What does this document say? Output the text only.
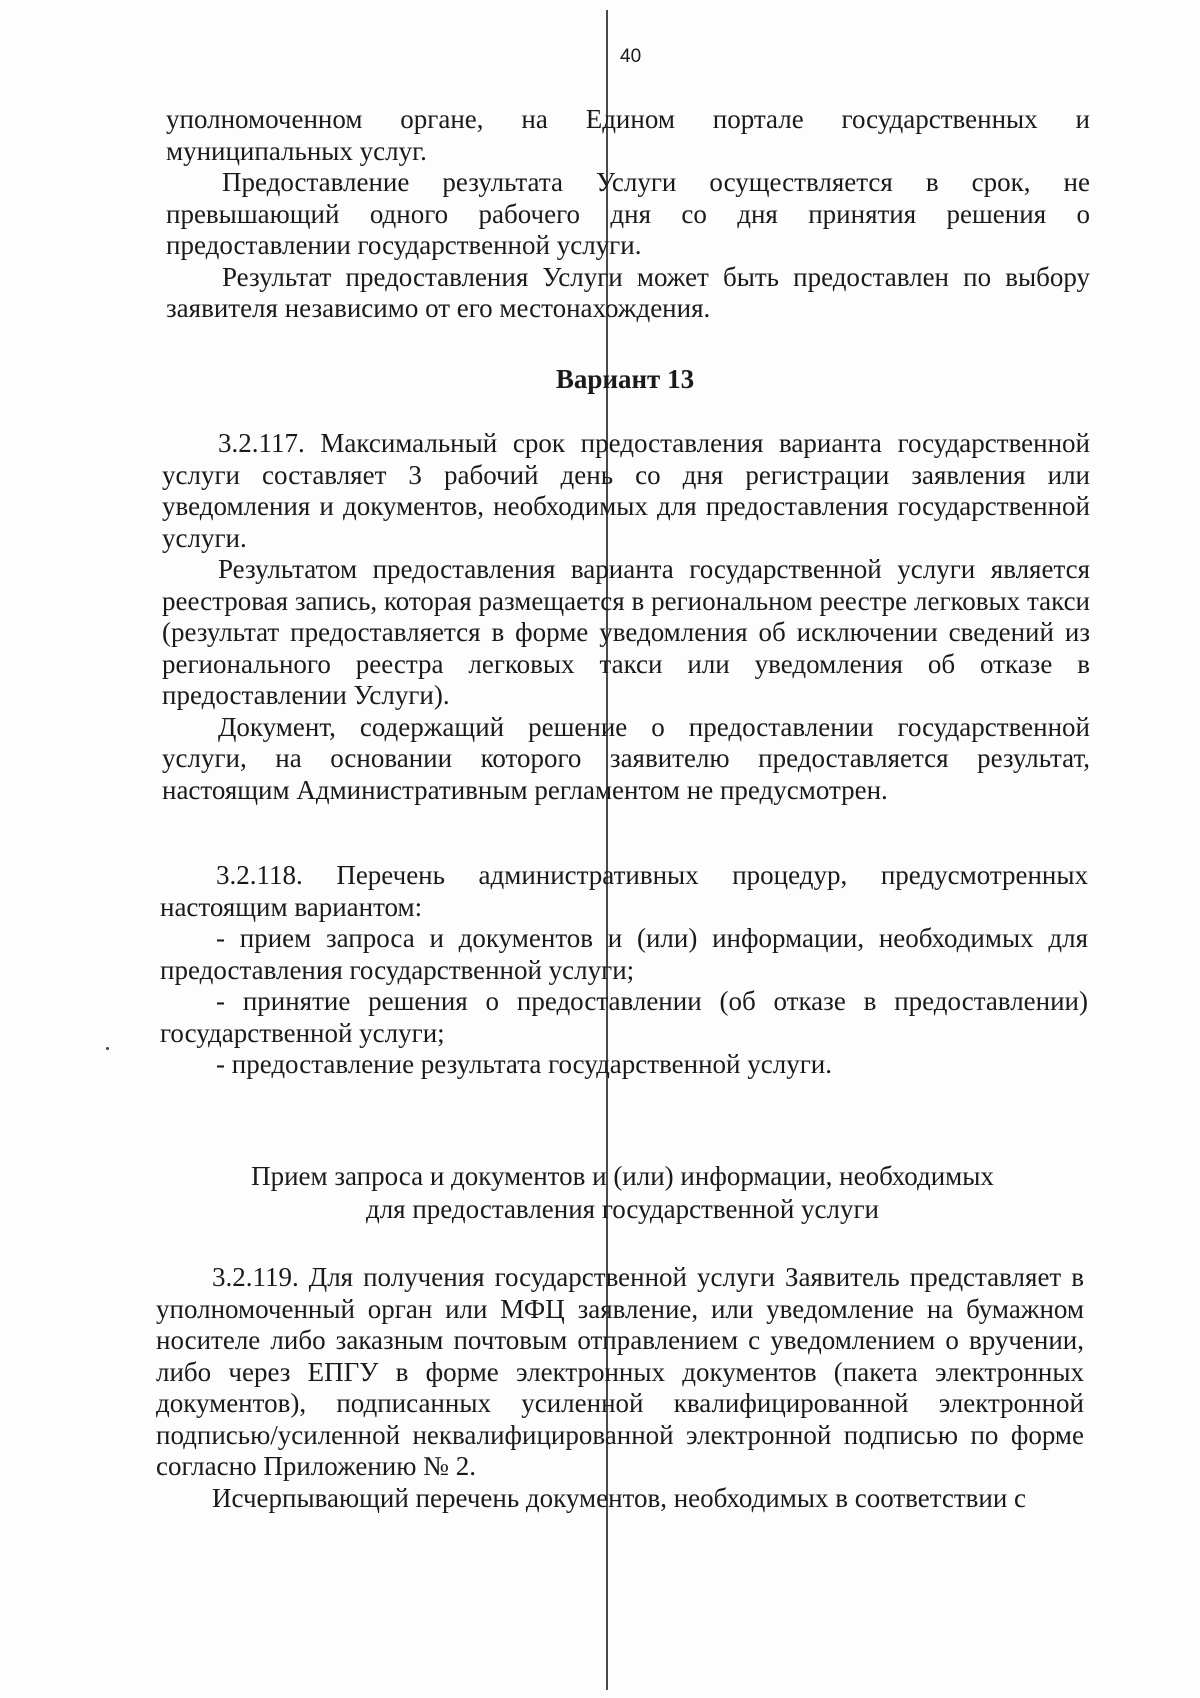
40

уполномоченном органе, на Едином портале государственных и муниципальных услуг.

Предоставление результата Услуги осуществляется в срок, не превышающий одного рабочего дня со дня принятия решения о предоставлении государственной услуги.

Результат предоставления Услуги может быть предоставлен по выбору заявителя независимо от его местонахождения.

Вариант 13

3.2.117. Максимальный срок предоставления варианта государственной услуги составляет 3 рабочий день со дня регистрации заявления или уведомления и документов, необходимых для предоставления государственной услуги.

Результатом предоставления варианта государственной услуги является реестровая запись, которая размещается в региональном реестре легковых такси (результат предоставляется в форме уведомления об исключении сведений из регионального реестра легковых такси или уведомления об отказе в предоставлении Услуги).

Документ, содержащий решение о предоставлении государственной услуги, на основании которого заявителю предоставляется результат, настоящим Административным регламентом не предусмотрен.

3.2.118. Перечень административных процедур, предусмотренных настоящим вариантом:

- прием запроса и документов и (или) информации, необходимых для предоставления государственной услуги;

- принятие решения о предоставлении (об отказе в предоставлении) государственной услуги;

- предоставление результата государственной услуги.

Прием запроса и документов и (или) информации, необходимых
для предоставления государственной услуги

3.2.119. Для получения государственной услуги Заявитель представляет в уполномоченный орган или МФЦ заявление, или уведомление на бумажном носителе либо заказным почтовым отправлением с уведомлением о вручении, либо через ЕПГУ в форме электронных документов (пакета электронных документов), подписанных усиленной квалифицированной электронной подписью/усиленной неквалифицированной электронной подписью по форме согласно Приложению № 2.

Исчерпывающий перечень документов, необходимых в соответствии с
